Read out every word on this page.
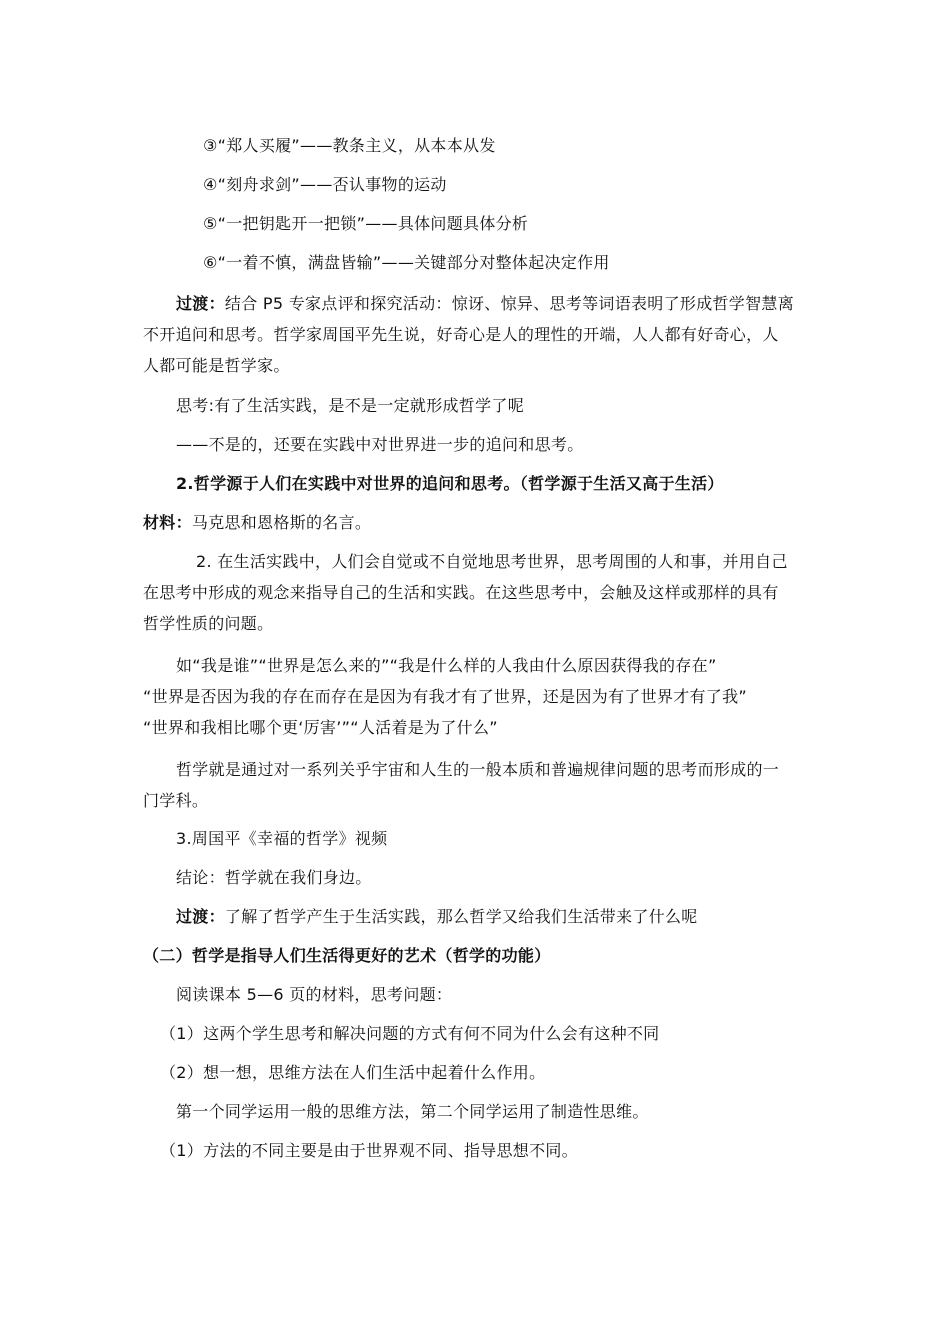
③“郑人买履”——教条主义，从本本从发
④“刻舟求剑”——否认事物的运动
⑤“一把钥匙开一把锁”——具体问题具体分析
⑥“一着不慎，满盘皆输”——关键部分对整体起决定作用
过渡：结合 P5 专家点评和探究活动：惊讶、惊异、思考等词语表明了形成哲学智慧离
不开追问和思考。哲学家周国平先生说，好奇心是人的理性的开端，人人都有好奇心，人
人都可能是哲学家。
思考:有了生活实践，是不是一定就形成哲学了呢
——不是的，还要在实践中对世界进一步的追问和思考。
2.哲学源于人们在实践中对世界的追问和思考。（哲学源于生活又高于生活）
材料：马克思和恩格斯的名言。
2. 在生活实践中，人们会自觉或不自觉地思考世界，思考周围的人和事，并用自己
在思考中形成的观念来指导自己的生活和实践。在这些思考中，会触及这样或那样的具有
哲学性质的问题。
如“我是谁”“世界是怎么来的”“我是什么样的人我由什么原因获得我的存在”
“世界是否因为我的存在而存在是因为有我才有了世界，还是因为有了世界才有了我”
“世界和我相比哪个更‘厉害’”“人活着是为了什么”
哲学就是通过对一系列关乎宇宙和人生的一般本质和普遍规律问题的思考而形成的一
门学科。
3.周国平《幸福的哲学》视频
结论：哲学就在我们身边。
过渡：了解了哲学产生于生活实践，那么哲学又给我们生活带来了什么呢
（二）哲学是指导人们生活得更好的艺术（哲学的功能）
阅读课本 5—6 页的材料，思考问题：
（1）这两个学生思考和解决问题的方式有何不同为什么会有这种不同
（2）想一想，思维方法在人们生活中起着什么作用。
第一个同学运用一般的思维方法，第二个同学运用了制造性思维。
（1）方法的不同主要是由于世界观不同、指导思想不同。
